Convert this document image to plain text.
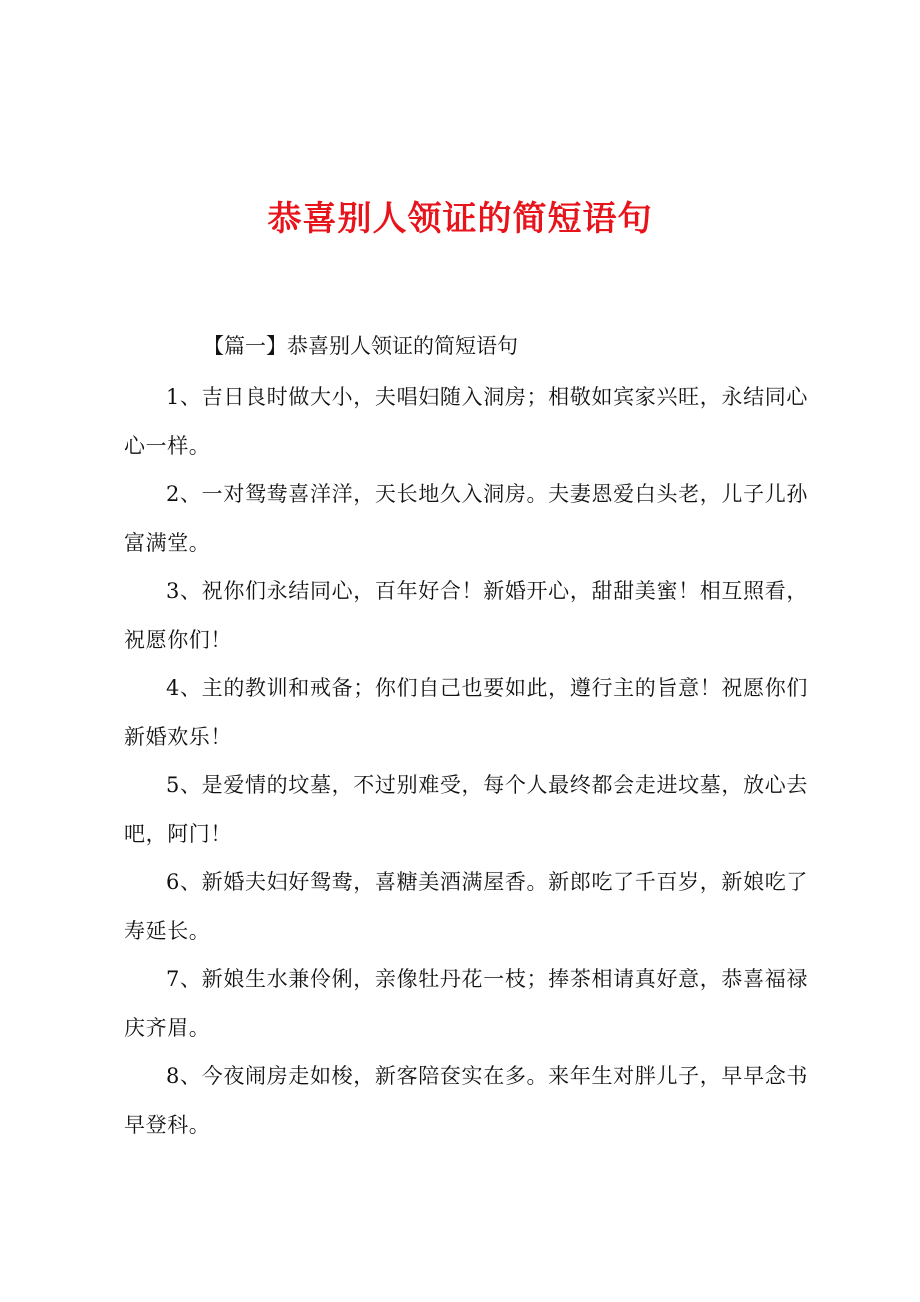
恭喜别人领证的简短语句

【篇一】恭喜别人领证的简短语句

1、吉日良时做大小，夫唱妇随入洞房；相敬如宾家兴旺，永结同心心一样。
2、一对鸳鸯喜洋洋，天长地久入洞房。夫妻恩爱白头老，儿子儿孙富满堂。
3、祝你们永结同心，百年好合！新婚开心，甜甜美蜜！相互照看，祝愿你们！
4、主的教训和戒备；你们自己也要如此，遵行主的旨意！祝愿你们新婚欢乐！
5、是爱情的坟墓，不过别难受，每个人最终都会走进坟墓，放心去吧，阿门！
6、新婚夫妇好鸳鸯，喜糖美酒满屋香。新郎吃了千百岁，新娘吃了寿延长。
7、新娘生水兼伶俐，亲像牡丹花一枝；捧茶相请真好意，恭喜福禄庆齐眉。
8、今夜闹房走如梭，新客陪奁实在多。来年生对胖儿子，早早念书早登科。
